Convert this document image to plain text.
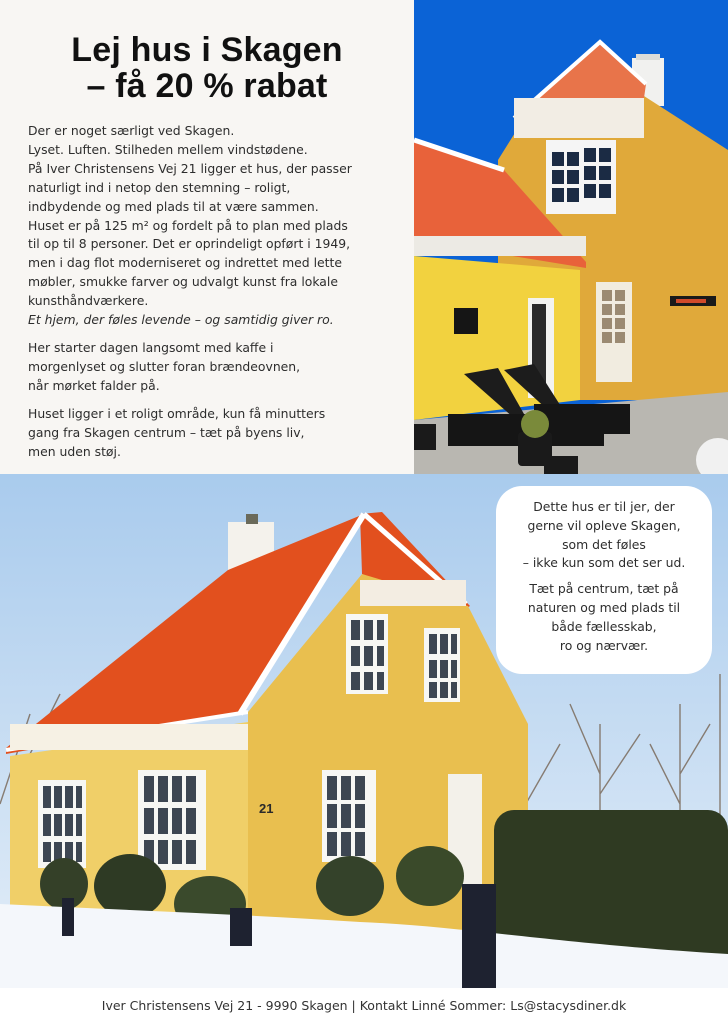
Lej hus i Skagen
– få 20 % rabat

Der er noget særligt ved Skagen.
Lyset. Luften. Stilheden mellem vindstødene.
På Iver Christensens Vej 21 ligger et hus, der passer
naturligt ind i netop den stemning – roligt,
indbydende og med plads til at være sammen.
Huset er på 125 m² og fordelt på to plan med plads
til op til 8 personer. Det er oprindeligt opført i 1949,
men i dag flot moderniseret og indrettet med lette
møbler, smukke farver og udvalgt kunst fra lokale
kunsthåndværkere.
Et hjem, der føles levende – og samtidig giver ro.

Her starter dagen langsomt med kaffe i
morgenlyset og slutter foran brændeovnen,
når mørket falder på.

Huset ligger i et roligt område, kun få minutters
gang fra Skagen centrum – tæt på byens liv,
men uden støj.

21

Dette hus er til jer, der
gerne vil opleve Skagen,
som det føles
– ikke kun som det ser ud.

Tæt på centrum, tæt på
naturen og med plads til
både fællesskab,
ro og nærvær.

Iver Christensens Vej 21 - 9990 Skagen | Kontakt Linné Sommer: Ls@stacysdiner.dk
